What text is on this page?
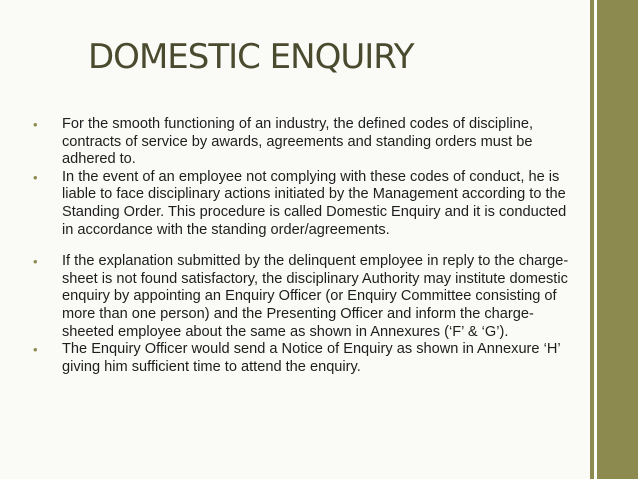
DOMESTIC ENQUIRY
• For the smooth functioning of an industry, the defined codes of discipline, contracts of service by awards, agreements and standing orders must be adhered to.
• In the event of an employee not complying with these codes of conduct, he is liable to face disciplinary actions initiated by the Management according to the Standing Order. This procedure is called Domestic Enquiry and it is conducted in accordance with the standing order/agreements.
• If the explanation submitted by the delinquent employee in reply to the charge-sheet is not found satisfactory, the disciplinary Authority may institute domestic enquiry by appointing an Enquiry Officer (or Enquiry Committee consisting of more than one person) and the Presenting Officer and inform the charge-sheeted employee about the same as shown in Annexures (‘F’ & ‘G’).
• The Enquiry Officer would send a Notice of Enquiry as shown in Annexure ‘H’ giving him sufficient time to attend the enquiry.
